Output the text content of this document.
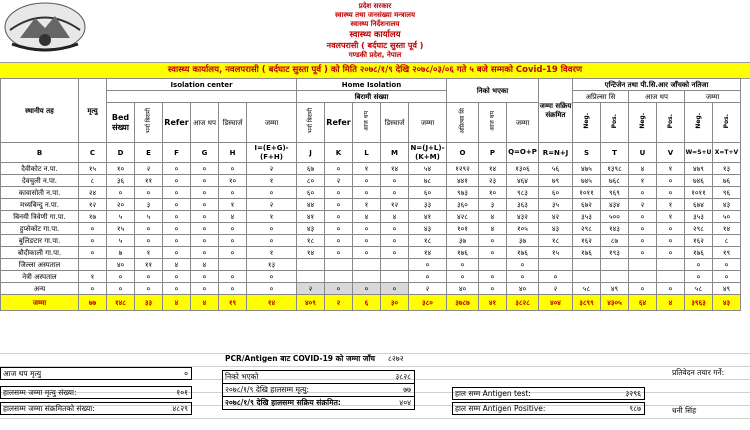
प्रदेश सरकार
स्वास्थ्य तथा जनसंख्या मन्त्रालय
स्वास्थ्य निर्देशनालय
स्वास्थ्य कार्यालय
नवलपरासी ( बर्दघाट सुस्ता पूर्व )
गण्डकी प्रदेश, नेपाल
स्वास्थ्य कार्यालय, नवलपरासी ( बर्दघाट सुस्ता पूर्व ) को मिति २०७८/१/९ देखि २०७८/०३/०६ गते ५ बजे सम्मको Covid-19 विवरण
स्थानीय तह	मृत्यु	Isolation center						Home Isolation					निको भएका			जम्मा सक्रिय संक्रमित	एन्टिजेन तथा पी.सि.आर जाँचको नतिजा					
								बिरामी संख्या									अप्रिल्सा सि		आज थप		जम्मा	
		Bed संख्या	भर्ना बिरामी	Refer	आज थप	डिस्चार्ज	जम्मा	भर्ना बिरामी	Refer	आज थप	डिस्चार्ज	जम्मा	अप्रिल्सा सि	आज थप	जम्मा		Neg.	Pos.	Neg.	Pos.	Neg.	Pos.
B	C	D	E	F	G	H	I=(E+G)-(F+H)	J	K	L	M	N=(J+L)-(K+M)	O	P	Q=O+P	R=N+J	S	T	U	V	W=S+U	X=T+V
दैवीकोट न.पा.	१५	१०	२	०	०	०	२	६७	०	१	१४	५४	१२९२	१४	१३०६	५६	४७५	१३९८	४	१	४७९	१३
देवचुली न.पा.	८	३६	११	०	०	१०	१	८०	२	०	०	७८	४४१	२३	४६४	७९	७४५	७६८	१	०	७४६	७६
कावासोती न.पा.	२४	०	०	०	०	०	०	६०	०	०	०	६०	९७३	१०	९८३	६०	१०११	९६९	०	०	१०११	९६
मध्यबिन्दु न.पा.	१२	२०	३	०	०	१	२	४४	०	१	१२	३३	३६०	३	३६३	३५	६७२	४३४	२	१	६७४	४३
बिनयी त्रिवेणी गा.पा.	१७	५	५	०	०	४	१	४१	०	४	४	४१	४२८	४	४३२	४२	३५३	५००	०	१	३५३	५०
हुप्सेकोट गा.पा.	०	१५	०	०	०	०	०	४३	०	०	०	४३	१०१	४	१०५	४३	२९८	१४३	०	०	२९८	१४
बुलिङटार गा.पा.	०	५	०	०	०	०	०	१८	०	०	०	१८	३७	०	३७	१८	१६२	८७	०	०	१६२	८
बौदीकाली गा.पा.	०	७	१	०	०	०	१	१४	०	०	०	१४	१७६	०	१७६	१५	१७६	१९३	०	०	१७६	१९
जिल्ला अस्पताल		४०	११	४	४		१३					०	०		०						०	०
नेत्री अस्पताल	१	०	०	०	०	०	०					०	०	०	०	०					०	०
अन्य	०	०	०	०	०	०	०	२	०	०	०	२	४०	०	४०	२	५८	४९	०	०	५८	४९
जम्मा	७७	१४८	३३	४	४	१९	१४	४०९	२	६	३०	३८०	३७८७	४१	३८२८	४०४	३८९९	४३०५	६४	४	३९६३	४३
PCR/Antigen बाट COVID-19 को जम्मा जाँच ८२७२
आज थप मृत्यु	०
हालसम्म जम्मा मृत्यु संख्या:	१०१
हालसम्म जम्मा संक्रमितको संख्या:	४८२९
निको भएको	३८२८
२०७८/१/९ देखि हालसम्म मृत्यु:	७७
२०७८/१/९ देखि हालसम्म सक्रिय संक्रमित:	४०४
हाल सम्म Antigen test:	३२९६
हाल सम्म Antigen Positive:	९८७
प्रतिवेदन तयार गर्ने:
धनी सिंह
